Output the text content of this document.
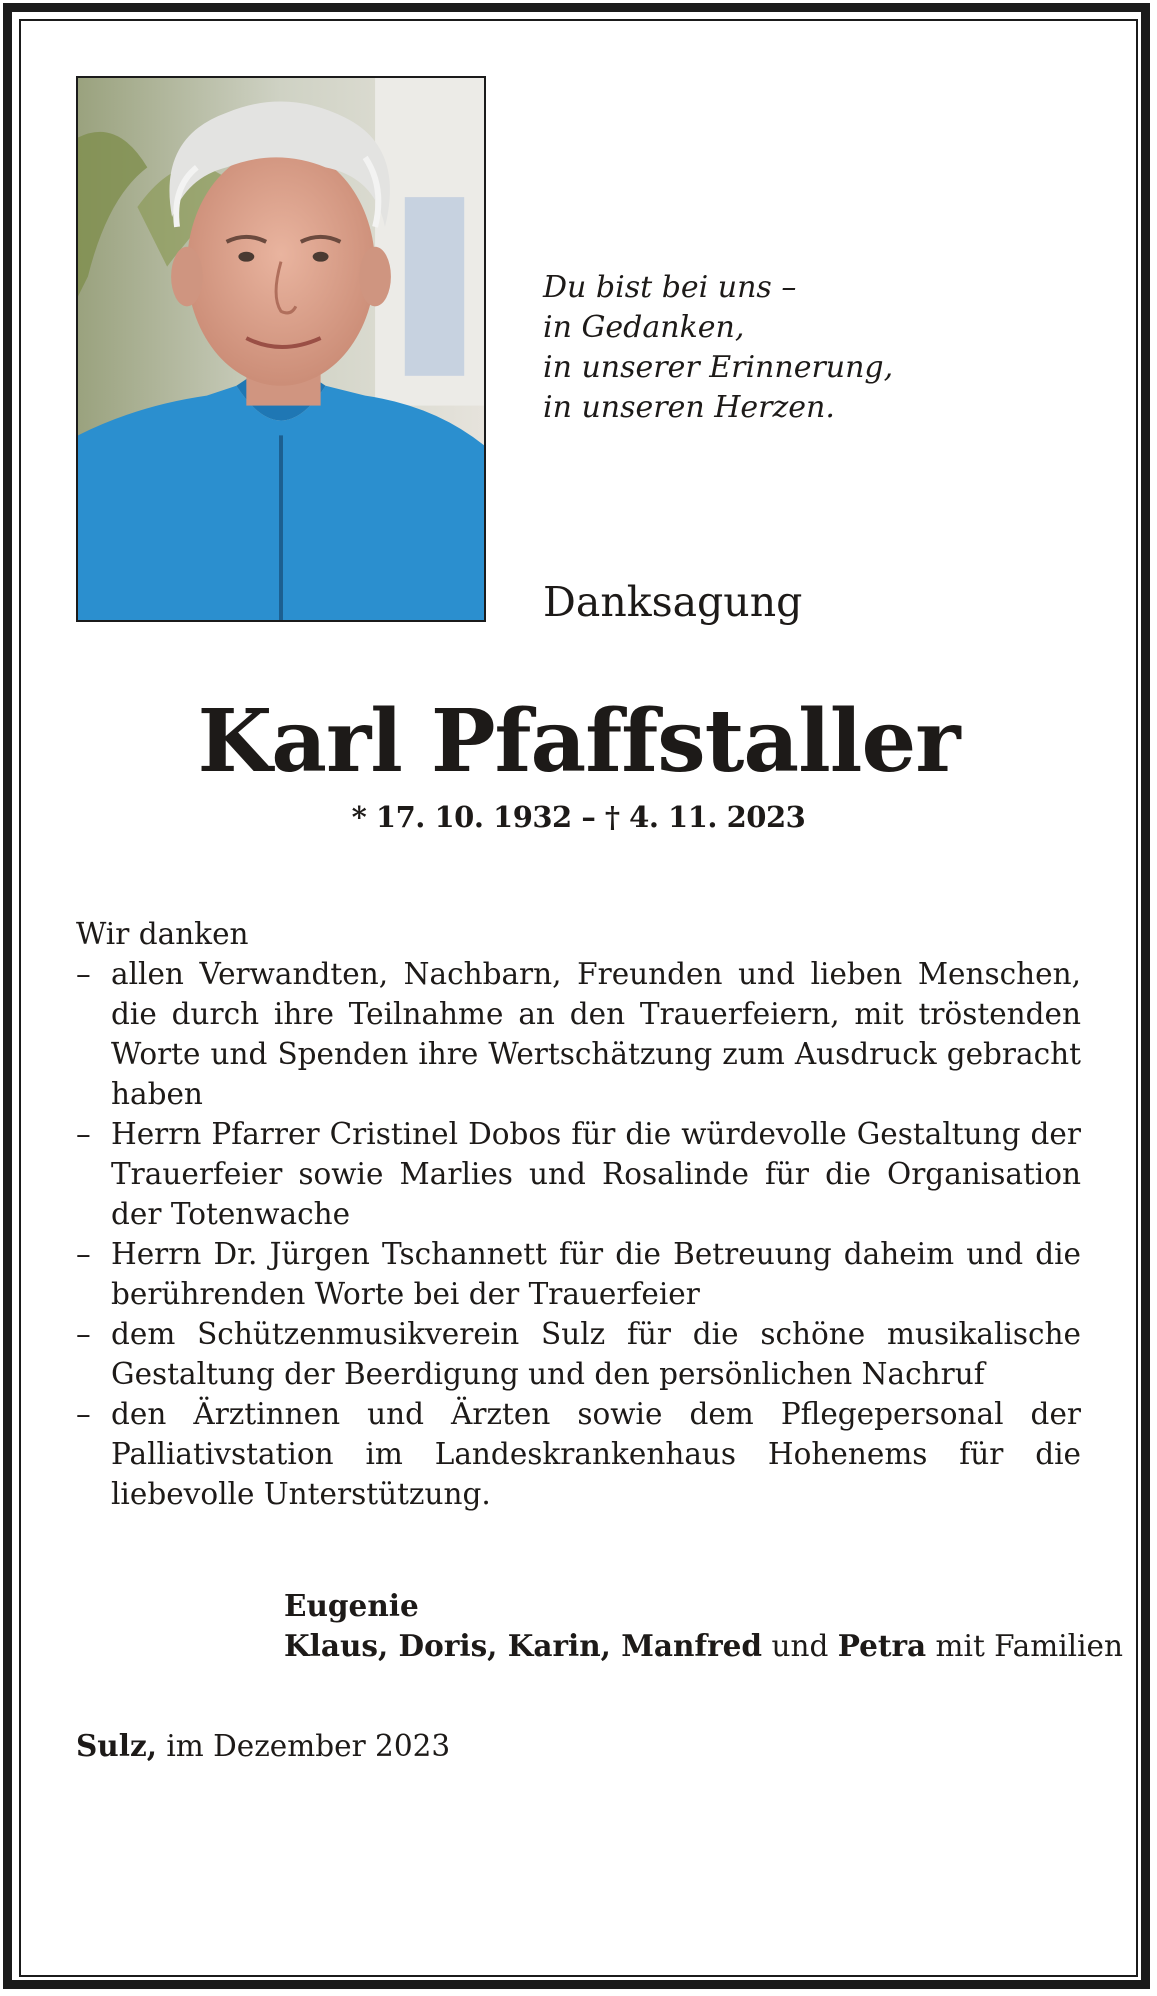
Du bist bei uns –
in Gedanken,
in unserer Erinnerung,
in unseren Herzen.
Danksagung
Karl Pfaffstaller
* 17. 10. 1932 – † 4. 11. 2023

Wir danken

– allen Verwandten, Nachbarn, Freunden und lieben Menschen, die durch ihre Teilnahme an den Trauerfeiern, mit tröstenden Worte und Spenden ihre Wertschätzung zum Ausdruck gebracht haben
– Herrn Pfarrer Cristinel Dobos für die würdevolle Gestaltung der Trauerfeier sowie Marlies und Rosalinde für die Organisation der Totenwache
– Herrn Dr. Jürgen Tschannett für die Betreuung daheim und die berührenden Worte bei der Trauerfeier
– dem Schützenmusikverein Sulz für die schöne musikalische Gestaltung der Beerdigung und den persönlichen Nachruf
– den Ärztinnen und Ärzten sowie dem Pflegepersonal der Palliativstation im Landeskrankenhaus Hohenems für die liebevolle Unterstützung.
Eugenie
Klaus, Doris, Karin, Manfred und Petra mit Familien
Sulz, im Dezember 2023
